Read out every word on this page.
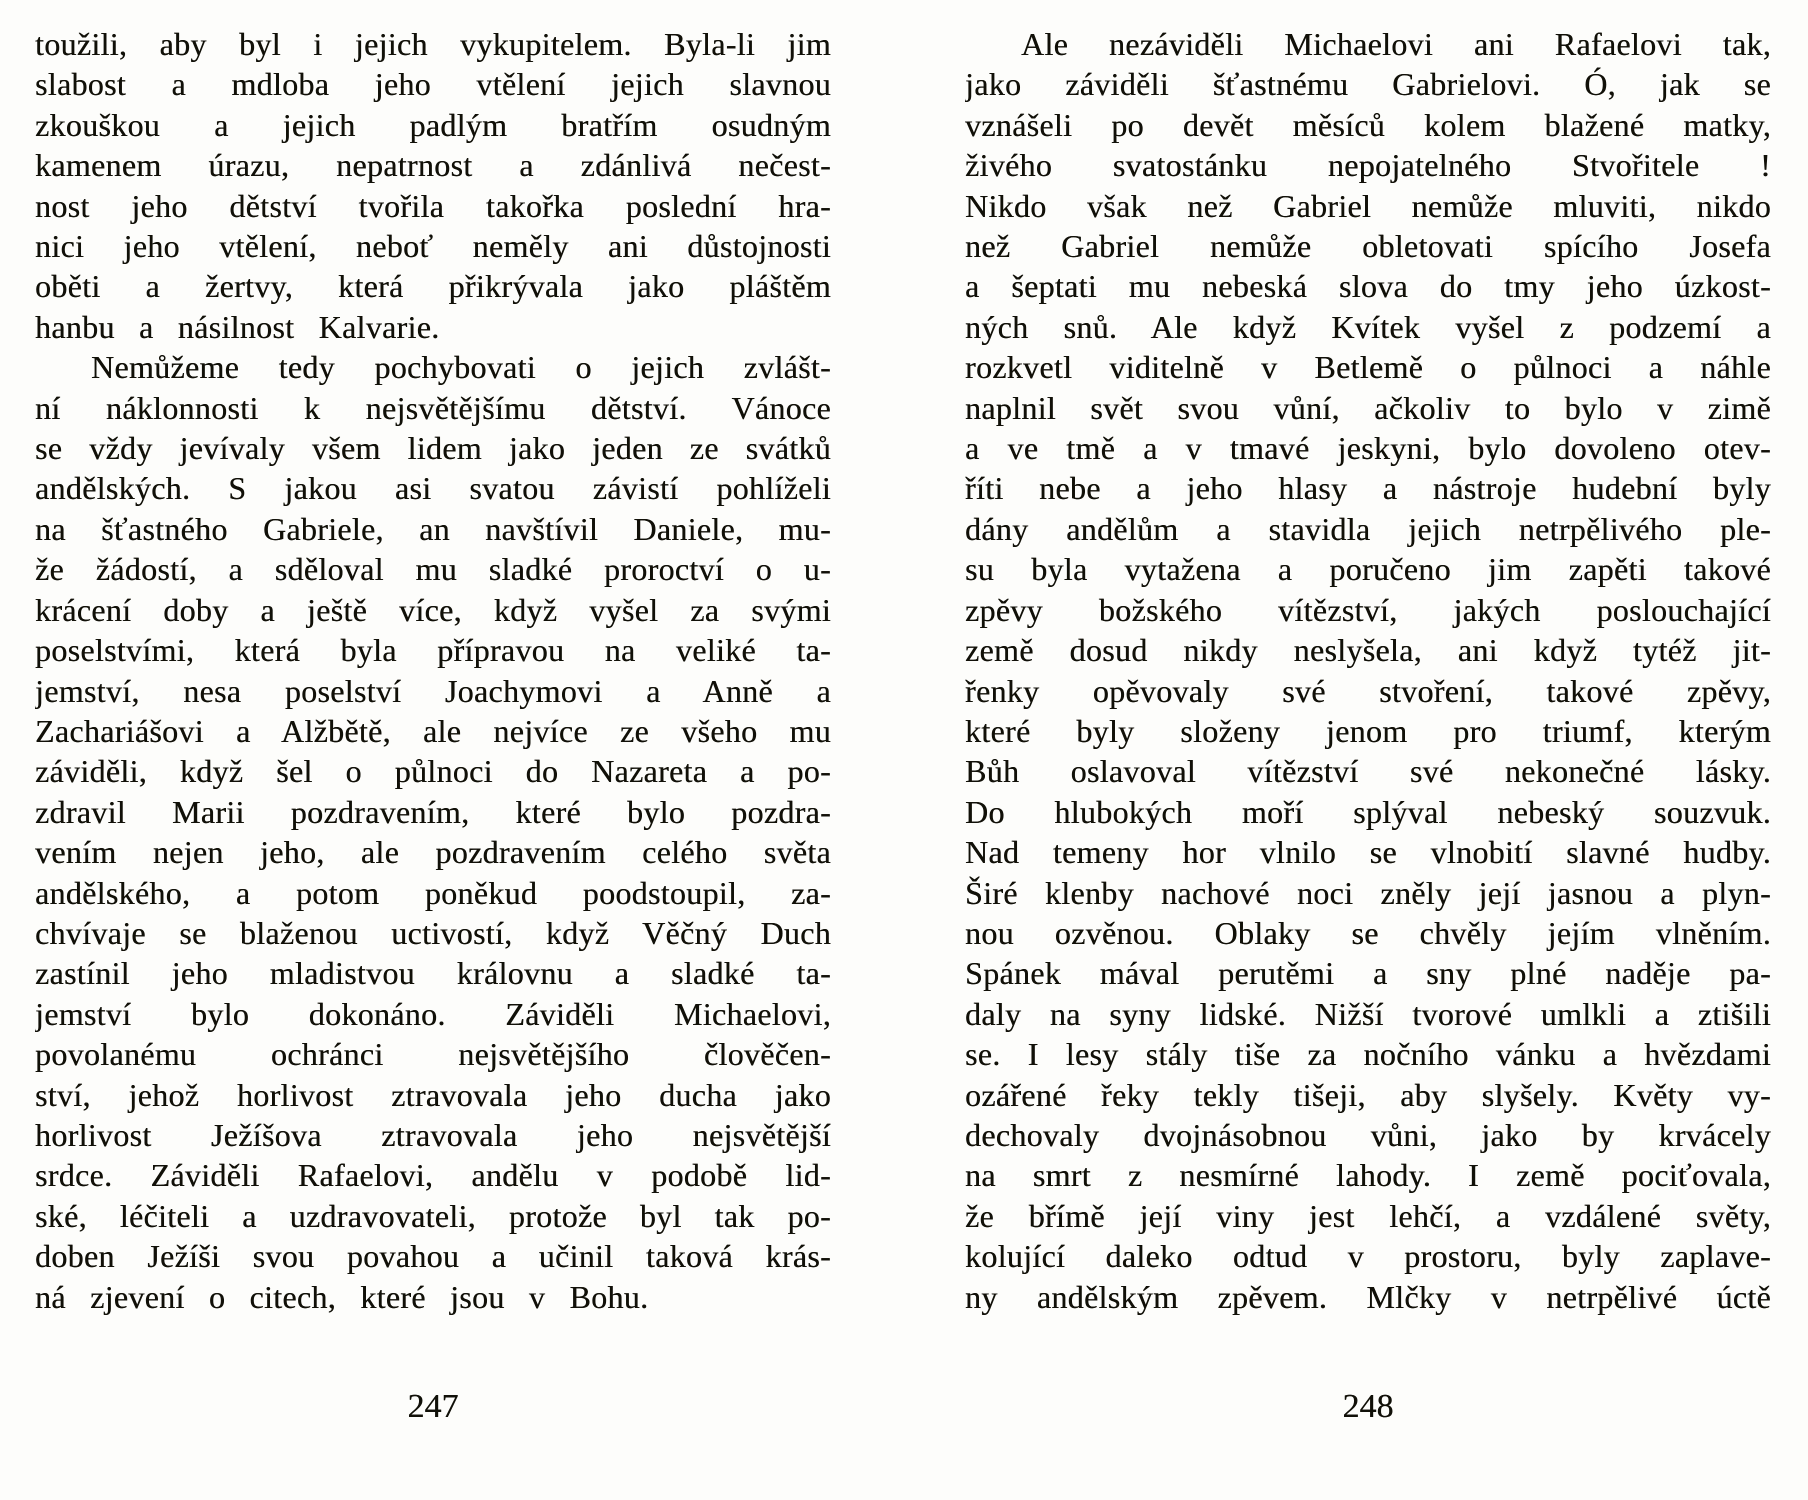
toužili, aby byl i jejich vykupitelem. Byla-li jim
slabost a mdloba jeho vtělení jejich slavnou
zkouškou a jejich padlým bratřím osudným
kamenem úrazu, nepatrnost a zdánlivá nečest-
nost jeho dětství tvořila takořka poslední hra-
nici jeho vtělení, neboť neměly ani důstojnosti
oběti a žertvy, která přikrývala jako pláštěm
hanbu a násilnost Kalvarie.
Nemůžeme tedy pochybovati o jejich zvlášt-
ní náklonnosti k nejsvětějšímu dětství. Vánoce
se vždy jevívaly všem lidem jako jeden ze svátků
andělských. S jakou asi svatou závistí pohlíželi
na šťastného Gabriele, an navštívil Daniele, mu-
že žádostí, a sděloval mu sladké proroctví o u-
krácení doby a ještě více, když vyšel za svými
poselstvími, která byla přípravou na veliké ta-
jemství, nesa poselství Joachymovi a Anně a
Zachariášovi a Alžbětě, ale nejvíce ze všeho mu
záviděli, když šel o půlnoci do Nazareta a po-
zdravil Marii pozdravením, které bylo pozdra-
vením nejen jeho, ale pozdravením celého světa
andělského, a potom poněkud poodstoupil, za-
chvívaje se blaženou uctivostí, když Věčný Duch
zastínil jeho mladistvou královnu a sladké ta-
jemství bylo dokonáno. Záviděli Michaelovi,
povolanému ochránci nejsvětějšího člověčen-
ství, jehož horlivost ztravovala jeho ducha jako
horlivost Ježíšova ztravovala jeho nejsvětější
srdce. Záviděli Rafaelovi, andělu v podobě lid-
ské, léčiteli a uzdravovateli, protože byl tak po-
doben Ježíši svou povahou a učinil taková krás-
ná zjevení o citech, které jsou v Bohu.
Ale nezáviděli Michaelovi ani Rafaelovi tak,
jako záviděli šťastnému Gabrielovi. Ó, jak se
vznášeli po devět měsíců kolem blažené matky,
živého svatostánku nepojatelného Stvořitele !
Nikdo však než Gabriel nemůže mluviti, nikdo
než Gabriel nemůže obletovati spícího Josefa
a šeptati mu nebeská slova do tmy jeho úzkost-
ných snů. Ale když Kvítek vyšel z podzemí a
rozkvetl viditelně v Betlemě o půlnoci a náhle
naplnil svět svou vůní, ačkoliv to bylo v zimě
a ve tmě a v tmavé jeskyni, bylo dovoleno otev-
říti nebe a jeho hlasy a nástroje hudební byly
dány andělům a stavidla jejich netrpělivého ple-
su byla vytažena a poručeno jim zapěti takové
zpěvy božského vítězství, jakých poslouchající
země dosud nikdy neslyšela, ani když tytéž jit-
řenky opěvovaly své stvoření, takové zpěvy,
které byly složeny jenom pro triumf, kterým
Bůh oslavoval vítězství své nekonečné lásky.
Do hlubokých moří splýval nebeský souzvuk.
Nad temeny hor vlnilo se vlnobití slavné hudby.
Širé klenby nachové noci zněly její jasnou a plyn-
nou ozvěnou. Oblaky se chvěly jejím vlněním.
Spánek mával perutěmi a sny plné naděje pa-
daly na syny lidské. Nižší tvorové umlkli a ztišili
se. I lesy stály tiše za nočního vánku a hvězdami
ozářené řeky tekly tišeji, aby slyšely. Květy vy-
dechovaly dvojnásobnou vůni, jako by krvácely
na smrt z nesmírné lahody. I země pociťovala,
že břímě její viny jest lehčí, a vzdálené světy,
kolující daleko odtud v prostoru, byly zaplave-
ny andělským zpěvem. Mlčky v netrpělivé úctě
247	248
